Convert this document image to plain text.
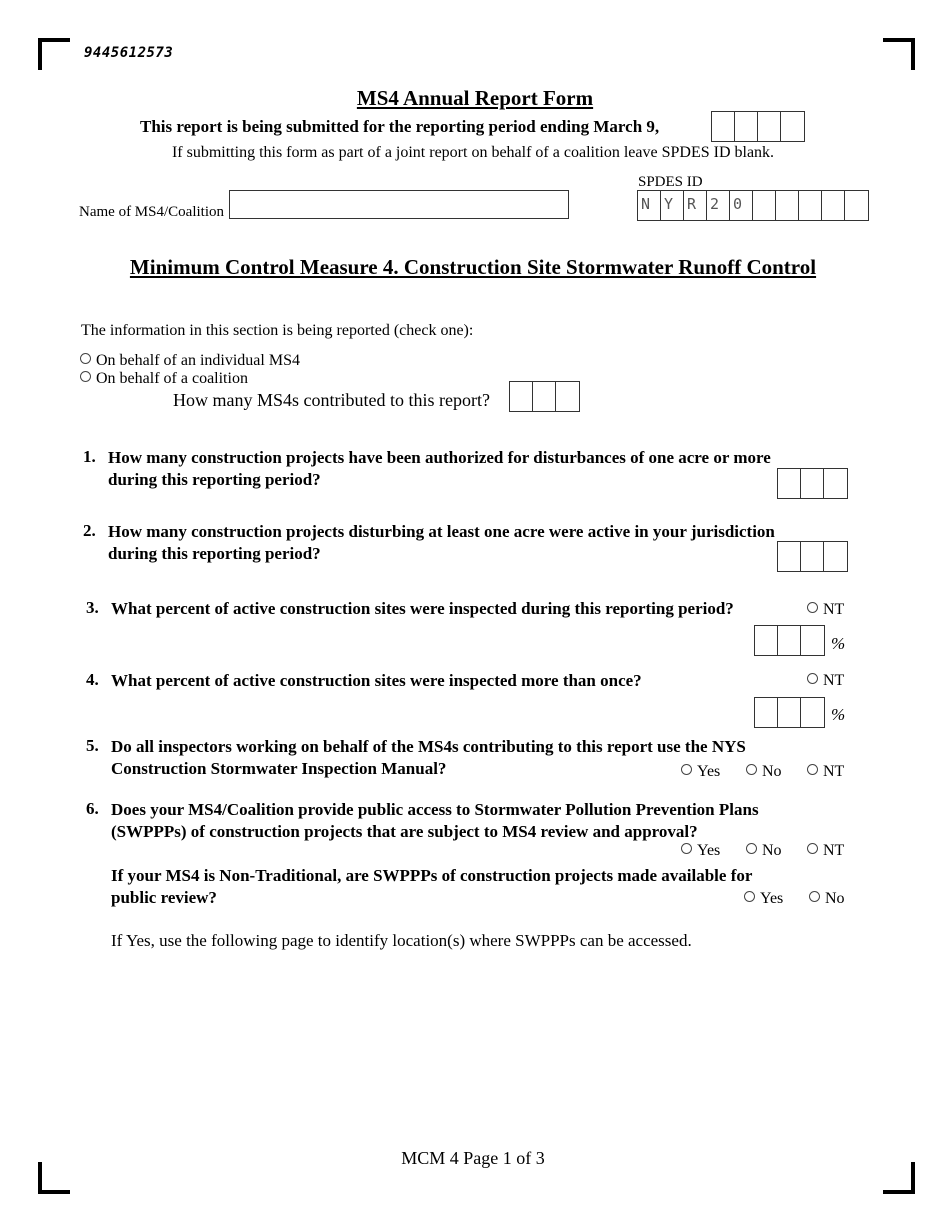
9445612573
MS4 Annual Report Form
This report is being submitted for the reporting period ending March 9,
If submitting this form as part of a joint report on behalf of a coalition leave SPDES ID blank.
SPDES ID
N Y R 2 0
Name of MS4/Coalition
Minimum Control Measure 4. Construction Site Stormwater Runoff Control
The information in this section is being reported (check one):
On behalf of an individual MS4
On behalf of a coalition
How many MS4s contributed to this report?
1. How many construction projects have been authorized for disturbances of one acre or more
during this reporting period?
2. How many construction projects disturbing at least one acre were active in your jurisdiction
during this reporting period?
3. What percent of active construction sites were inspected during this reporting period?	NT
%
4. What percent of active construction sites were inspected more than once?	NT
%
5. Do all inspectors working on behalf of the MS4s contributing to this report use the NYS
Construction Stormwater Inspection Manual?	Yes	No	NT
6. Does your MS4/Coalition provide public access to Stormwater Pollution Prevention Plans
(SWPPPs) of construction projects that are subject to MS4 review and approval?
Yes	No	NT
If your MS4 is Non-Traditional, are SWPPPs of construction projects made available for
public review?	Yes	No
If Yes, use the following page to identify location(s) where SWPPPs can be accessed.
MCM 4 Page 1 of 3
